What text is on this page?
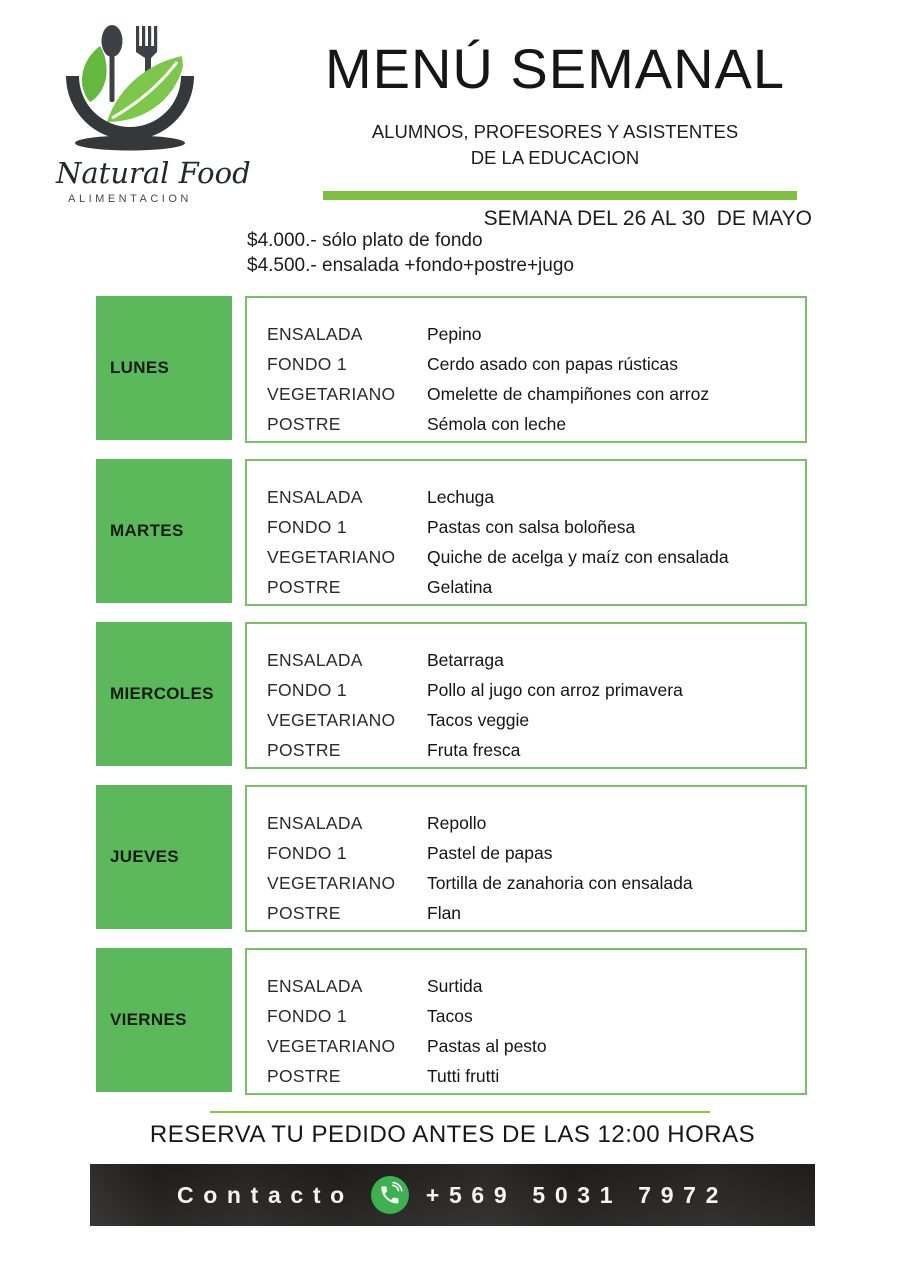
Natural Food
ALIMENTACION
MENÚ SEMANAL
ALUMNOS, PROFESORES Y ASISTENTES
DE LA EDUCACION
SEMANA DEL 26 AL 30  DE MAYO
$4.000.- sólo plato de fondo
$4.500.- ensalada +fondo+postre+jugo
LUNES
ENSALADA	Pepino
FONDO 1	Cerdo asado con papas rústicas
VEGETARIANO	Omelette de champiñones con arroz
POSTRE	Sémola con leche
MARTES
ENSALADA	Lechuga
FONDO 1	Pastas con salsa boloñesa
VEGETARIANO	Quiche de acelga y maíz con ensalada
POSTRE	Gelatina
MIERCOLES
ENSALADA	Betarraga
FONDO 1	Pollo al jugo con arroz primavera
VEGETARIANO	Tacos veggie
POSTRE	Fruta fresca
JUEVES
ENSALADA	Repollo
FONDO 1	Pastel de papas
VEGETARIANO	Tortilla de zanahoria con ensalada
POSTRE	Flan
VIERNES
ENSALADA	Surtida
FONDO 1	Tacos
VEGETARIANO	Pastas al pesto
POSTRE	Tutti frutti
RESERVA TU PEDIDO ANTES DE LAS 12:00 HORAS
Contacto	+569 5031 7972
